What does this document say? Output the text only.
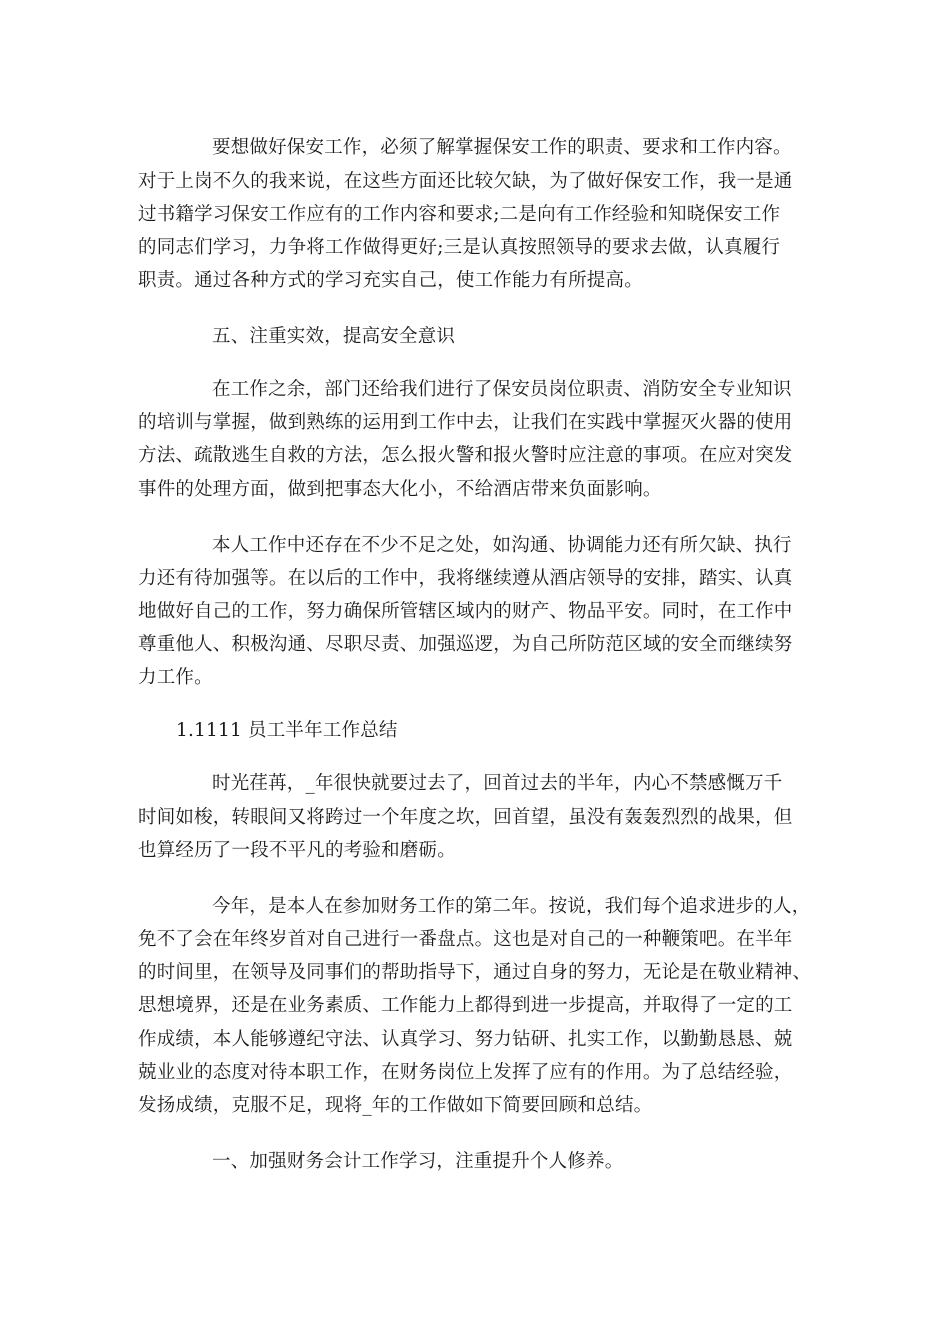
要想做好保安工作，必须了解掌握保安工作的职责、要求和工作内容。
对于上岗不久的我来说，在这些方面还比较欠缺，为了做好保安工作，我一是通
过书籍学习保安工作应有的工作内容和要求;二是向有工作经验和知晓保安工作
的同志们学习，力争将工作做得更好;三是认真按照领导的要求去做，认真履行
职责。通过各种方式的学习充实自己，使工作能力有所提高。
五、注重实效，提高安全意识
在工作之余，部门还给我们进行了保安员岗位职责、消防安全专业知识
的培训与掌握，做到熟练的运用到工作中去，让我们在实践中掌握灭火器的使用
方法、疏散逃生自救的方法，怎么报火警和报火警时应注意的事项。在应对突发
事件的处理方面，做到把事态大化小，不给酒店带来负面影响。
本人工作中还存在不少不足之处，如沟通、协调能力还有所欠缺、执行
力还有待加强等。在以后的工作中，我将继续遵从酒店领导的安排，踏实、认真
地做好自己的工作，努力确保所管辖区域内的财产、物品平安。同时，在工作中
尊重他人、积极沟通、尽职尽责、加强巡逻，为自己所防范区域的安全而继续努
力工作。
1.1111 员工半年工作总结
时光荏苒，_年很快就要过去了，回首过去的半年，内心不禁感慨万千
时间如梭，转眼间又将跨过一个年度之坎，回首望，虽没有轰轰烈烈的战果，但
也算经历了一段不平凡的考验和磨砺。
今年，是本人在参加财务工作的第二年。按说，我们每个追求进步的人，
免不了会在年终岁首对自己进行一番盘点。这也是对自己的一种鞭策吧。在半年
的时间里，在领导及同事们的帮助指导下，通过自身的努力，无论是在敬业精神、
思想境界，还是在业务素质、工作能力上都得到进一步提高，并取得了一定的工
作成绩，本人能够遵纪守法、认真学习、努力钻研、扎实工作，以勤勤恳恳、兢
兢业业的态度对待本职工作，在财务岗位上发挥了应有的作用。为了总结经验，
发扬成绩，克服不足，现将_年的工作做如下简要回顾和总结。
一、加强财务会计工作学习，注重提升个人修养。
